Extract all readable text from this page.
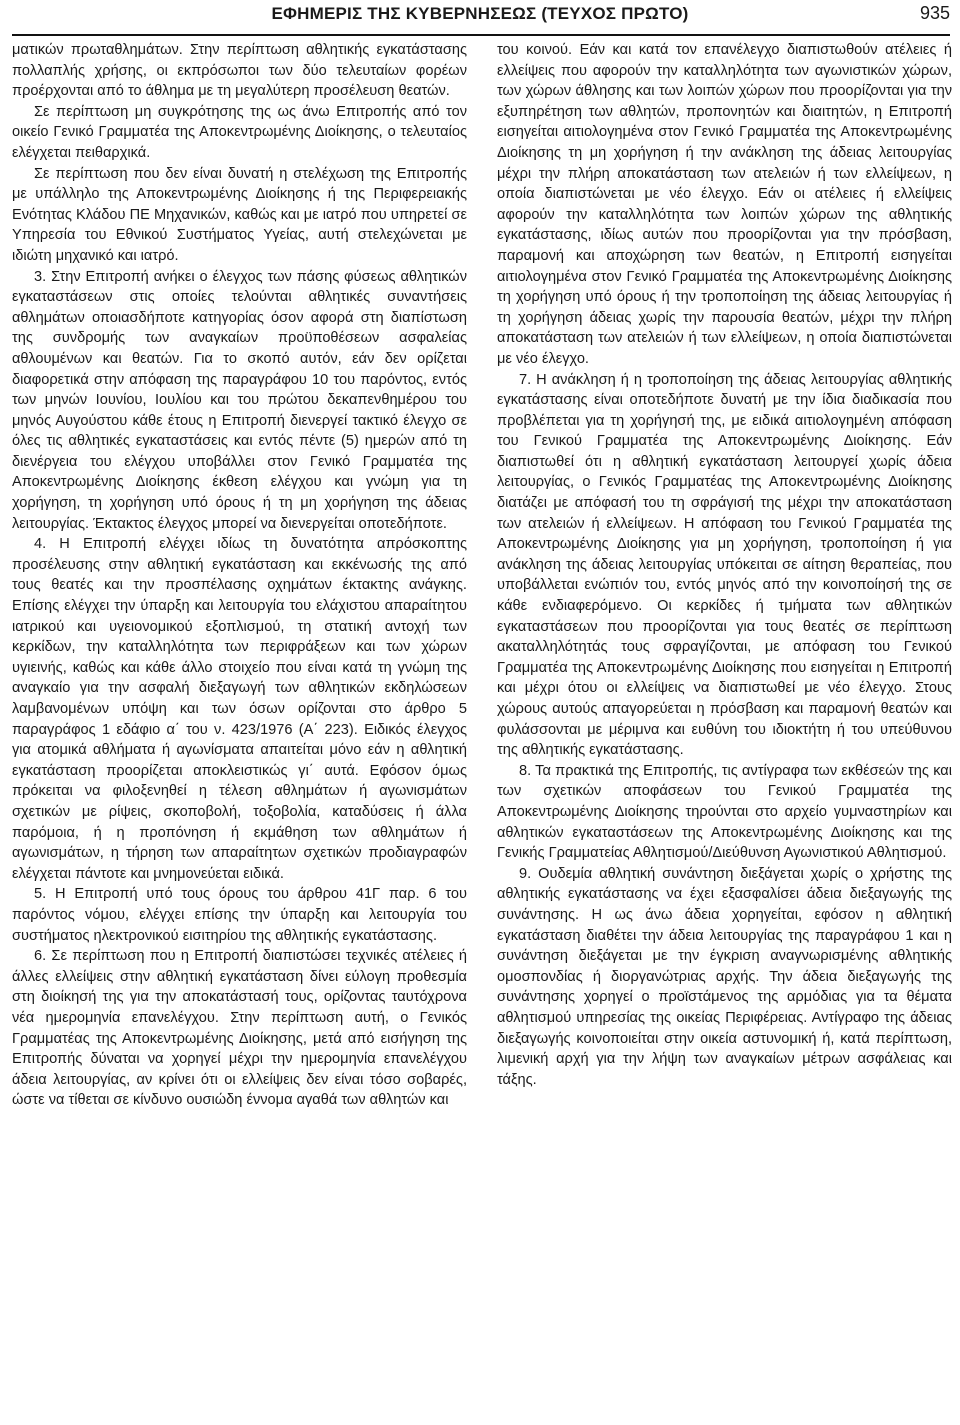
ΕΦΗΜΕΡΙΣ ΤΗΣ ΚΥΒΕΡΝΗΣΕΩΣ (ΤΕΥΧΟΣ ΠΡΩΤΟ)	935

ματικών πρωταθλημάτων. Στην περίπτωση αθλητικής εγκατάστασης πολλαπλής χρήσης, οι εκπρόσωποι των δύο τελευταίων φορέων προέρχονται από το άθλημα με τη μεγαλύτερη προσέλευση θεατών.

Σε περίπτωση μη συγκρότησης της ως άνω Επιτροπής από τον οικείο Γενικό Γραμματέα της Αποκεντρωμένης Διοίκησης, ο τελευταίος ελέγχεται πειθαρχικά.

Σε περίπτωση που δεν είναι δυνατή η στελέχωση της Επιτροπής με υπάλληλο της Αποκεντρωμένης Διοίκησης ή της Περιφερειακής Ενότητας Κλάδου ΠΕ Μηχανικών, καθώς και με ιατρό που υπηρετεί σε Υπηρεσία του Εθνικού Συστήματος Υγείας, αυτή στελεχώνεται με ιδιώτη μηχανικό και ιατρό.

3. Στην Επιτροπή ανήκει ο έλεγχος των πάσης φύσεως αθλητικών εγκαταστάσεων στις οποίες τελούνται αθλητικές συναντήσεις αθλημάτων οποιασδήποτε κατηγορίας όσον αφορά στη διαπίστωση της συνδρομής των αναγκαίων προϋποθέσεων ασφαλείας αθλουμένων και θεατών. Για το σκοπό αυτόν, εάν δεν ορίζεται διαφορετικά στην απόφαση της παραγράφου 10 του παρόντος, εντός των μηνών Ιουνίου, Ιουλίου και του πρώτου δεκαπενθημέρου του μηνός Αυγούστου κάθε έτους η Επιτροπή διενεργεί τακτικό έλεγχο σε όλες τις αθλητικές εγκαταστάσεις και εντός πέντε (5) ημερών από τη διενέργεια του ελέγχου υποβάλλει στον Γενικό Γραμματέα της Αποκεντρωμένης Διοίκησης έκθεση ελέγχου και γνώμη για τη χορήγηση, τη χορήγηση υπό όρους ή τη μη χορήγηση της άδειας λειτουργίας. Έκτακτος έλεγχος μπορεί να διενεργείται οποτεδήποτε.

4. Η Επιτροπή ελέγχει ιδίως τη δυνατότητα απρόσκοπτης προσέλευσης στην αθλητική εγκατάσταση και εκκένωσής της από τους θεατές και την προσπέλασης οχημάτων έκτακτης ανάγκης. Επίσης ελέγχει την ύπαρξη και λειτουργία του ελάχιστου απαραίτητου ιατρικού και υγειονομικού εξοπλισμού, τη στατική αντοχή των κερκίδων, την καταλληλότητα των περιφράξεων και των χώρων υγιεινής, καθώς και κάθε άλλο στοιχείο που είναι κατά τη γνώμη της αναγκαίο για την ασφαλή διεξαγωγή των αθλητικών εκδηλώσεων λαμβανομένων υπόψη και των όσων ορίζονται στο άρθρο 5 παραγράφος 1 εδάφιο α΄ του ν. 423/1976 (Α΄ 223). Ειδικός έλεγχος για ατομικά αθλήματα ή αγωνίσματα απαιτείται μόνο εάν η αθλητική εγκατάσταση προορίζεται αποκλειστικώς γι΄ αυτά. Εφόσον όμως πρόκειται να φιλοξενηθεί η τέλεση αθλημάτων ή αγωνισμάτων σχετικών με ρίψεις, σκοποβολή, τοξοβολία, καταδύσεις ή άλλα παρόμοια, ή η προπόνηση ή εκμάθηση των αθλημάτων ή αγωνισμάτων, η τήρηση των απαραίτητων σχετικών προδιαγραφών ελέγχεται πάντοτε και μνημονεύεται ειδικά.

5. Η Επιτροπή υπό τους όρους του άρθρου 41Γ παρ. 6 του παρόντος νόμου, ελέγχει επίσης την ύπαρξη και λειτουργία του συστήματος ηλεκτρονικού εισιτηρίου της αθλητικής εγκατάστασης.

6. Σε περίπτωση που η Επιτροπή διαπιστώσει τεχνικές ατέλειες ή άλλες ελλείψεις στην αθλητική εγκατάσταση δίνει εύλογη προθεσμία στη διοίκησή της για την αποκατάστασή τους, ορίζοντας ταυτόχρονα νέα ημερομηνία επανελέγχου. Στην περίπτωση αυτή, ο Γενικός Γραμματέας της Αποκεντρωμένης Διοίκησης, μετά από εισήγηση της Επιτροπής δύναται να χορηγεί μέχρι την ημερομηνία επανελέγχου άδεια λειτουργίας, αν κρίνει ότι οι ελλείψεις δεν είναι τόσο σοβαρές, ώστε να τίθεται σε κίνδυνο ουσιώδη έννομα αγαθά των αθλητών και

του κοινού. Εάν και κατά τον επανέλεγχο διαπιστωθούν ατέλειες ή ελλείψεις που αφορούν την καταλληλότητα των αγωνιστικών χώρων, των χώρων άθλησης και των λοιπών χώρων που προορίζονται για την εξυπηρέτηση των αθλητών, προπονητών και διαιτητών, η Επιτροπή εισηγείται αιτιολογημένα στον Γενικό Γραμματέα της Αποκεντρωμένης Διοίκησης τη μη χορήγηση ή την ανάκληση της άδειας λειτουργίας μέχρι την πλήρη αποκατάσταση των ατελειών ή των ελλείψεων, η οποία διαπιστώνεται με νέο έλεγχο. Εάν οι ατέλειες ή ελλείψεις αφορούν την καταλληλότητα των λοιπών χώρων της αθλητικής εγκατάστασης, ιδίως αυτών που προορίζονται για την πρόσβαση, παραμονή και αποχώρηση των θεατών, η Επιτροπή εισηγείται αιτιολογημένα στον Γενικό Γραμματέα της Αποκεντρωμένης Διοίκησης τη χορήγηση υπό όρους ή την τροποποίηση της άδειας λειτουργίας ή τη χορήγηση άδειας χωρίς την παρουσία θεατών, μέχρι την πλήρη αποκατάσταση των ατελειών ή των ελλείψεων, η οποία διαπιστώνεται με νέο έλεγχο.

7. Η ανάκληση ή η τροποποίηση της άδειας λειτουργίας αθλητικής εγκατάστασης είναι οποτεδήποτε δυνατή με την ίδια διαδικασία που προβλέπεται για τη χορήγησή της, με ειδικά αιτιολογημένη απόφαση του Γενικού Γραμματέα της Αποκεντρωμένης Διοίκησης. Εάν διαπιστωθεί ότι η αθλητική εγκατάσταση λειτουργεί χωρίς άδεια λειτουργίας, ο Γενικός Γραμματέας της Αποκεντρωμένης Διοίκησης διατάζει με απόφασή του τη σφράγισή της μέχρι την αποκατάσταση των ατελειών ή ελλείψεων. Η απόφαση του Γενικού Γραμματέα της Αποκεντρωμένης Διοίκησης για μη χορήγηση, τροποποίηση ή για ανάκληση της άδειας λειτουργίας υπόκειται σε αίτηση θεραπείας, που υποβάλλεται ενώπιόν του, εντός μηνός από την κοινοποίησή της σε κάθε ενδιαφερόμενο. Οι κερκίδες ή τμήματα των αθλητικών εγκαταστάσεων που προορίζονται για τους θεατές σε περίπτωση ακαταλληλότητάς τους σφραγίζονται, με απόφαση του Γενικού Γραμματέα της Αποκεντρωμένης Διοίκησης που εισηγείται η Επιτροπή και μέχρι ότου οι ελλείψεις να διαπιστωθεί με νέο έλεγχο. Στους χώρους αυτούς απαγορεύεται η πρόσβαση και παραμονή θεατών και φυλάσσονται με μέριμνα και ευθύνη του ιδιοκτήτη ή του υπεύθυνου της αθλητικής εγκατάστασης.

8. Τα πρακτικά της Επιτροπής, τις αντίγραφα των εκθέσεών της και των σχετικών αποφάσεων του Γενικού Γραμματέα της Αποκεντρωμένης Διοίκησης τηρούνται στο αρχείο γυμναστηρίων και αθλητικών εγκαταστάσεων της Αποκεντρωμένης Διοίκησης και της Γενικής Γραμματείας Αθλητισμού/Διεύθυνση Αγωνιστικού Αθλητισμού.

9. Ουδεμία αθλητική συνάντηση διεξάγεται χωρίς ο χρήστης της αθλητικής εγκατάστασης να έχει εξασφαλίσει άδεια διεξαγωγής της συνάντησης. Η ως άνω άδεια χορηγείται, εφόσον η αθλητική εγκατάσταση διαθέτει την άδεια λειτουργίας της παραγράφου 1 και η συνάντηση διεξάγεται με την έγκριση αναγνωρισμένης αθλητικής ομοσπονδίας ή διοργανώτριας αρχής. Την άδεια διεξαγωγής της συνάντησης χορηγεί ο προϊστάμενος της αρμόδιας για τα θέματα αθλητισμού υπηρεσίας της οικείας Περιφέρειας. Αντίγραφο της άδειας διεξαγωγής κοινοποιείται στην οικεία αστυνομική ή, κατά περίπτωση, λιμενική αρχή για την λήψη των αναγκαίων μέτρων ασφάλειας και τάξης.
